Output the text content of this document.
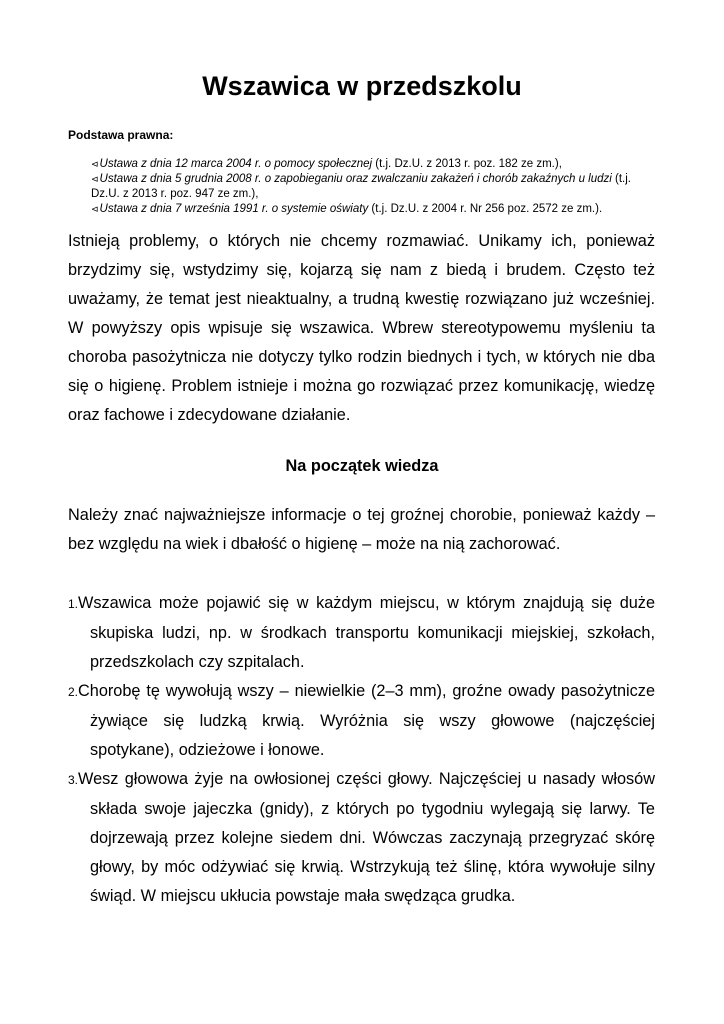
Wszawica w przedszkolu

Podstawa prawna:

⊲Ustawa z dnia 12 marca 2004 r. o pomocy społecznej (t.j. Dz.U. z 2013 r. poz. 182 ze zm.),
⊲Ustawa z dnia 5 grudnia 2008 r. o zapobieganiu oraz zwalczaniu zakażeń i chorób zakaźnych u ludzi (t.j. Dz.U. z 2013 r. poz. 947 ze zm.),
⊲Ustawa z dnia 7 września 1991 r. o systemie oświaty (t.j. Dz.U. z 2004 r. Nr 256 poz. 2572 ze zm.).

Istnieją problemy, o których nie chcemy rozmawiać. Unikamy ich, ponieważ brzydzimy się, wstydzimy się, kojarzą się nam z biedą i brudem. Często też uważamy, że temat jest nieaktualny, a trudną kwestię rozwiązano już wcześniej. W powyższy opis wpisuje się wszawica. Wbrew stereotypowemu myśleniu ta choroba pasożytnicza nie dotyczy tylko rodzin biednych i tych, w których nie dba się o higienę. Problem istnieje i można go rozwiązać przez komunikację, wiedzę oraz fachowe i zdecydowane działanie.

Na początek wiedza

Należy znać najważniejsze informacje o tej groźnej chorobie, ponieważ każdy – bez względu na wiek i dbałość o higienę – może na nią zachorować.

1.Wszawica może pojawić się w każdym miejscu, w którym znajdują się duże skupiska ludzi, np. w środkach transportu komunikacji miejskiej, szkołach, przedszkolach czy szpitalach.
2.Chorobę tę wywołują wszy – niewielkie (2–3 mm), groźne owady pasożytnicze żywiące się ludzką krwią. Wyróżnia się wszy głowowe (najczęściej spotykane), odzieżowe i łonowe.
3.Wesz głowowa żyje na owłosionej części głowy. Najczęściej u nasady włosów składa swoje jajeczka (gnidy), z których po tygodniu wylegają się larwy. Te dojrzewają przez kolejne siedem dni. Wówczas zaczynają przegryzać skórę głowy, by móc odżywiać się krwią. Wstrzykują też ślinę, która wywołuje silny świąd. W miejscu ukłucia powstaje mała swędząca grudka.
